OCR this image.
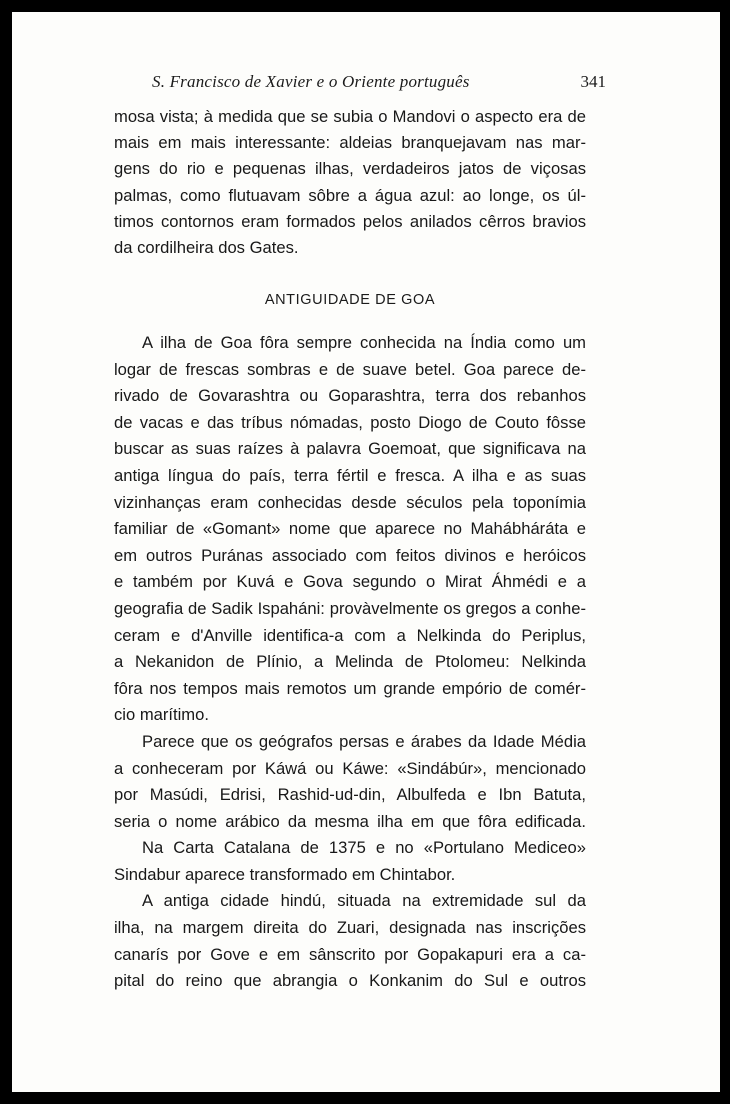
S. Francisco de Xavier e o Oriente português	341
mosa vista; à medida que se subia o Mandovi o aspecto era de
mais em mais interessante: aldeias branquejavam nas mar-
gens do rio e pequenas ilhas, verdadeiros jatos de viçosas
palmas, como flutuavam sôbre a água azul: ao longe, os úl-
timos contornos eram formados pelos anilados cêrros bravios
da cordilheira dos Gates.
ANTIGUIDADE DE GOA
A ilha de Goa fôra sempre conhecida na Índia como um
logar de frescas sombras e de suave betel. Goa parece de-
rivado de Govarashtra ou Goparashtra, terra dos rebanhos
de vacas e das tríbus nómadas, posto Diogo de Couto fôsse
buscar as suas raízes à palavra Goemoat, que significava na
antiga língua do país, terra fértil e fresca. A ilha e as suas
vizinhanças eram conhecidas desde séculos pela toponímia
familiar de «Gomant» nome que aparece no Mahábháráta e
em outros Puránas associado com feitos divinos e heróicos
e também por Kuvá e Gova segundo o Mirat Áhmédi e a
geografia de Sadik Ispaháni: provàvelmente os gregos a conhe-
ceram e d'Anville identifica-a com a Nelkinda do Periplus,
a Nekanidon de Plínio, a Melinda de Ptolomeu: Nelkinda
fôra nos tempos mais remotos um grande empório de comér-
cio marítimo.
Parece que os geógrafos persas e árabes da Idade Média
a conheceram por Káwá ou Káwe: «Sindábúr», mencionado
por Masúdi, Edrisi, Rashid-ud-din, Albulfeda e Ibn Batuta,
seria o nome arábico da mesma ilha em que fôra edificada.
Na Carta Catalana de 1375 e no «Portulano Mediceo»
Sindabur aparece transformado em Chintabor.
A antiga cidade hindú, situada na extremidade sul da
ilha, na margem direita do Zuari, designada nas inscrições
canarís por Gove e em sânscrito por Gopakapuri era a ca-
pital do reino que abrangia o Konkanim do Sul e outros
